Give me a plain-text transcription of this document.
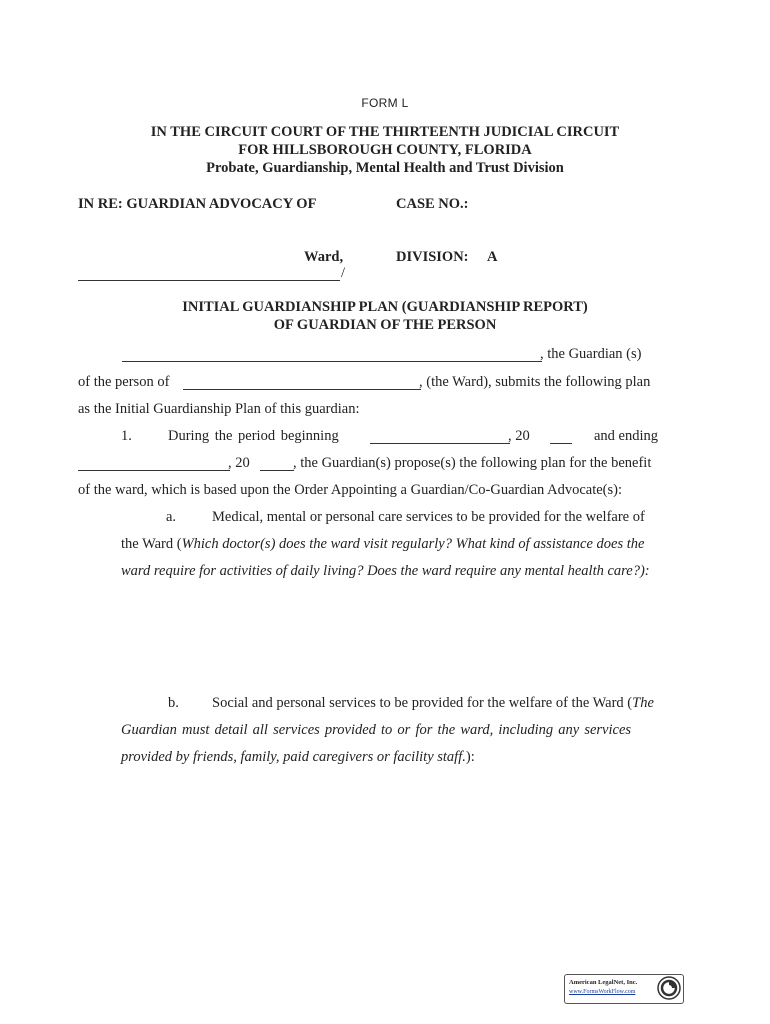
FORM L
IN THE CIRCUIT COURT OF THE THIRTEENTH JUDICIAL CIRCUIT
FOR HILLSBOROUGH COUNTY, FLORIDA
Probate, Guardianship, Mental Health and Trust Division
IN RE: GUARDIAN ADVOCACY OF	CASE NO.:
Ward,	DIVISION: A
/
INITIAL GUARDIANSHIP PLAN (GUARDIANSHIP REPORT)
OF GUARDIAN OF THE PERSON
, the Guardian (s)
of the person of	, (the Ward), submits the following plan
as the Initial Guardianship Plan of this guardian:
1. During the period beginning	, 20	and ending
, 20	, the Guardian(s) propose(s) the following plan for the benefit
of the ward, which is based upon the Order Appointing a Guardian/Co-Guardian Advocate(s):
a. Medical, mental or personal care services to be provided for the welfare of
the Ward (Which doctor(s) does the ward visit regularly? What kind of assistance does the
ward require for activities of daily living? Does the ward require any mental health care?):
b. Social and personal services to be provided for the welfare of the Ward (The
Guardian must detail all services provided to or for the ward, including any services
provided by friends, family, paid caregivers or facility staff.):
American LegalNet, Inc.
www.FormsWorkFlow.com
